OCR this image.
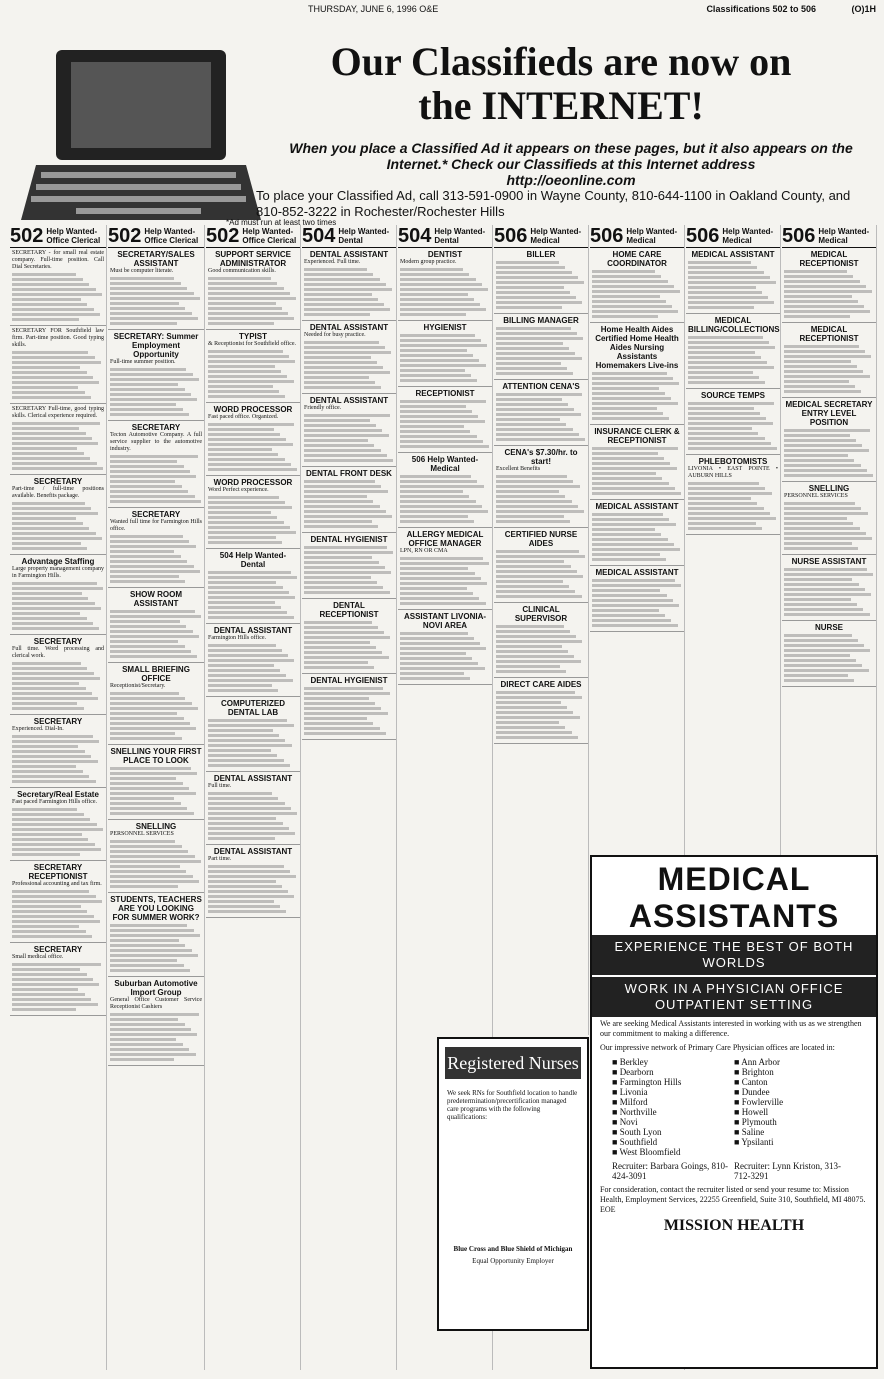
THURSDAY, JUNE 6, 1996 O&E	Classifications 502 to 506	(O)1H
Our Classifieds are now on
the INTERNET!
When you place a Classified Ad it appears on these pages, but it also appears on the Internet.* Check our Classifieds at this Internet address
http://oeonline.com
To place your Classified Ad, call 313-591-0900 in Wayne County, 810-644-1100 in Oakland County, and 810-852-3222 in Rochester/Rochester Hills
*Ad must run at least two times
502 Help Wanted-Office Clerical
SECRETARY - for small real estate company. Full-time position. Call Dial Secretaries.
SECRETARY FOR Southfield law firm. Part-time position. Good typing skills.
SECRETARY Full-time, good typing skills. Clerical experience required.
SECRETARY
Part-time / full-time positions available. Benefits package.
Advantage Staffing
Large property management company in Farmington Hills.
SECRETARY
Full time. Word processing and clerical work.
SECRETARY
Experienced. Dial-In.
Secretary/Real Estate
Fast paced Farmington Hills office.
SECRETARY RECEPTIONIST
Professional accounting and tax firm.
SECRETARY
Small medical office.
502 Help Wanted-Office Clerical
SECRETARY/SALES ASSISTANT
Must be computer literate.
SECRETARY: Summer Employment Opportunity
Full-time summer position.
SECRETARY
Tecton Automotive Company. A full service supplier to the automotive industry.
SECRETARY
Wanted full time for Farmington Hills office.
SHOW ROOM ASSISTANT
SMALL BRIEFING OFFICE
Receptionist/Secretary.
SNELLING YOUR FIRST PLACE TO LOOK
SNELLING
PERSONNEL SERVICES
STUDENTS, TEACHERS ARE YOU LOOKING FOR SUMMER WORK?
Suburban Automotive Import Group
General Office Customer Service Receptionist Cashiers
502 Help Wanted-Office Clerical
SUPPORT SERVICE ADMINISTRATOR
Good communication skills.
TYPIST
& Receptionist for Southfield office.
WORD PROCESSOR
Fast paced office. Organized.
WORD PROCESSOR
Word Perfect experience.
504 Help Wanted-Dental
DENTAL ASSISTANT
Farmington Hills office.
COMPUTERIZED DENTAL LAB
DENTAL ASSISTANT
Full time.
DENTAL ASSISTANT
Part time.
504 Help Wanted-Dental
DENTAL ASSISTANT
Experienced. Full time.
DENTAL ASSISTANT
Needed for busy practice.
DENTAL ASSISTANT
Friendly office.
DENTAL FRONT DESK
DENTAL HYGIENIST
DENTAL RECEPTIONIST
DENTAL HYGIENIST
504 Help Wanted-Dental
DENTIST
Modern group practice.
HYGIENIST
RECEPTIONIST
506 Help Wanted-Medical
ALLERGY MEDICAL OFFICE MANAGER
LPN, RN OR CMA
ASSISTANT LIVONIA-NOVI AREA
506 Help Wanted-Medical
BILLER
BILLING MANAGER
ATTENTION CENA'S
CENA's $7.30/hr. to start!
Excellent Benefits
CERTIFIED NURSE AIDES
CLINICAL SUPERVISOR
DIRECT CARE AIDES
506 Help Wanted-Medical
HOME CARE COORDINATOR
Home Health Aides Certified Home Health Aides Nursing Assistants Homemakers Live-ins
INSURANCE CLERK & RECEPTIONIST
MEDICAL ASSISTANT
MEDICAL ASSISTANT
506 Help Wanted-Medical
MEDICAL ASSISTANT
MEDICAL BILLING/COLLECTIONS
SOURCE TEMPS
PHLEBOTOMISTS
LIVONIA • EAST POINTE • AUBURN HILLS
506 Help Wanted-Medical
MEDICAL RECEPTIONIST
MEDICAL RECEPTIONIST
MEDICAL SECRETARY ENTRY LEVEL POSITION
SNELLING
PERSONNEL SERVICES
NURSE ASSISTANT
NURSE
Registered Nurses
We seek RNs for Southfield location to handle predetermination/precertification managed care programs with the following qualifications:
Blue Cross and Blue Shield of Michigan
Equal Opportunity Employer
MEDICAL ASSISTANTS
EXPERIENCE THE BEST OF BOTH WORLDS
WORK IN A PHYSICIAN OFFICE OUTPATIENT SETTING
We are seeking Medical Assistants interested in working with us as we strengthen our commitment to making a difference.
Our impressive network of Primary Care Physician offices are located in:
■ Berkley
■ Dearborn
■ Farmington Hills
■ Livonia
■ Milford
■ Northville
■ Novi
■ South Lyon
■ Southfield
■ West Bloomfield
■ Ann Arbor
■ Brighton
■ Canton
■ Dundee
■ Fowlerville
■ Howell
■ Plymouth
■ Saline
■ Ypsilanti
Recruiter: Barbara Goings, 810-424-3091
Recruiter: Lynn Kriston, 313-712-3291
For consideration, contact the recruiter listed or send your resume to: Mission Health, Employment Services, 22255 Greenfield, Suite 310, Southfield, MI 48075. EOE
MISSION HEALTH
